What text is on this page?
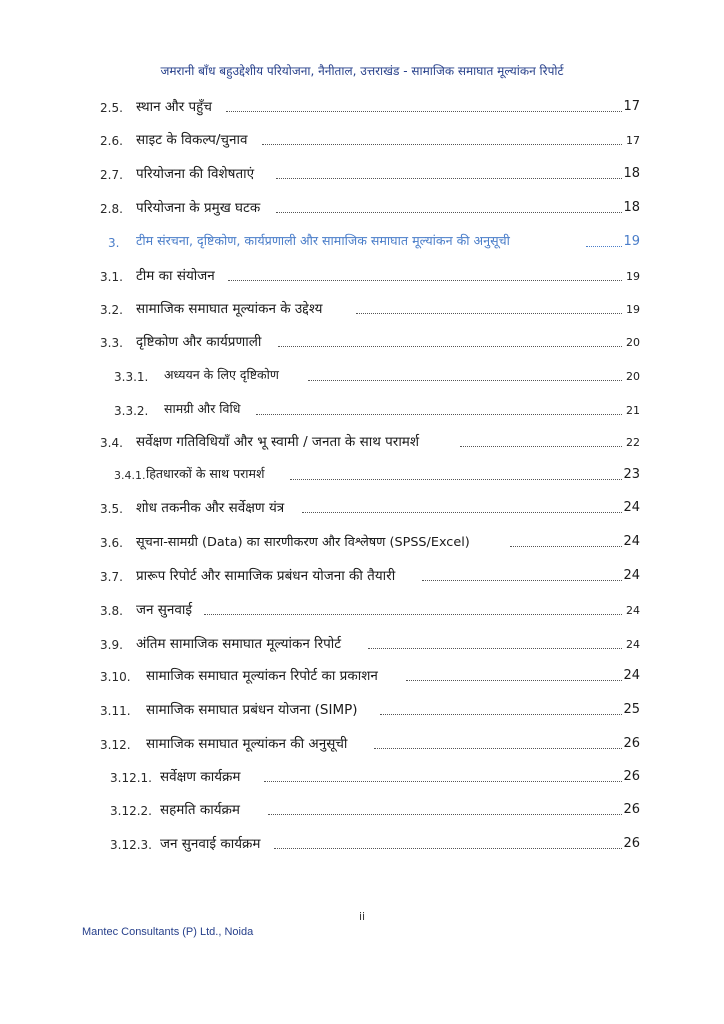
जमरानी बाँध बहुउद्देशीय परियोजना, नैनीताल, उत्तराखंड - सामाजिक समाघात मूल्यांकन रिपोर्ट
2.5. स्थान और पहुँच	17
2.6. साइट के विकल्प/चुनाव	17
2.7. परियोजना की विशेषताएं	18
2.8. परियोजना के प्रमुख घटक	18
3. टीम संरचना, दृष्टिकोण, कार्यप्रणाली और सामाजिक समाघात मूल्यांकन की अनुसूची	19
3.1. टीम का संयोजन	19
3.2. सामाजिक समाघात मूल्यांकन के उद्देश्य	19
3.3. दृष्टिकोण और कार्यप्रणाली	20
3.3.1. अध्ययन के लिए दृष्टिकोण	20
3.3.2. सामग्री और विधि	21
3.4. सर्वेक्षण गतिविधियाँ और भू स्वामी / जनता के साथ परामर्श	22
3.4.1. हितधारकों के साथ परामर्श	23
3.5. शोध तकनीक और सर्वेक्षण यंत्र	24
3.6. सूचना-सामग्री (Data) का सारणीकरण और विश्लेषण (SPSS/Excel)	24
3.7. प्रारूप रिपोर्ट और सामाजिक प्रबंधन योजना की तैयारी	24
3.8. जन सुनवाई	24
3.9. अंतिम सामाजिक समाघात मूल्यांकन रिपोर्ट	24
3.10. सामाजिक समाघात मूल्यांकन रिपोर्ट का प्रकाशन	24
3.11. सामाजिक समाघात प्रबंधन योजना (SIMP)	25
3.12. सामाजिक समाघात मूल्यांकन की अनुसूची	26
3.12.1. सर्वेक्षण कार्यक्रम	26
3.12.2. सहमति कार्यक्रम	26
3.12.3. जन सुनवाई कार्यक्रम	26
ii
Mantec Consultants (P) Ltd., Noida
